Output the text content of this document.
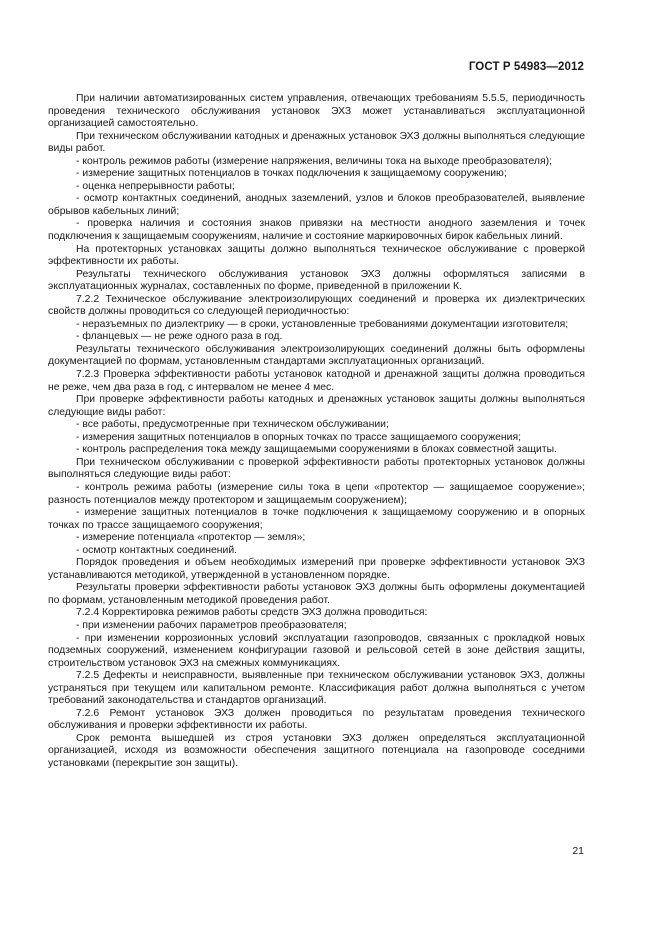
ГОСТ Р 54983—2012

При наличии автоматизированных систем управления, отвечающих требованиям 5.5.5, периодичность проведения технического обслуживания установок ЭХЗ может устанавливаться эксплуатационной организацией самостоятельно.

При техническом обслуживании катодных и дренажных установок ЭХЗ должны выполняться следующие виды работ.

- контроль режимов работы (измерение напряжения, величины тока на выходе преобразователя);

- измерение защитных потенциалов в точках подключения к защищаемому сооружению;

- оценка непрерывности работы;

- осмотр контактных соединений, анодных заземлений, узлов и блоков преобразователей, выявление обрывов кабельных линий;

- проверка наличия и состояния знаков привязки на местности анодного заземления и точек подключения к защищаемым сооружениям, наличие и состояние маркировочных бирок кабельных линий.

На протекторных установках защиты должно выполняться техническое обслуживание с проверкой эффективности их работы.

Результаты технического обслуживания установок ЭХЗ должны оформляться записями в эксплуатационных журналах, составленных по форме, приведенной в приложении К.

7.2.2 Техническое обслуживание электроизолирующих соединений и проверка их диэлектрических свойств должны проводиться со следующей периодичностью:

- неразъемных по диэлектрику — в сроки, установленные требованиями документации изготовителя;

- фланцевых — не реже одного раза в год.

Результаты технического обслуживания электроизолирующих соединений должны быть оформлены документацией по формам, установленным стандартами эксплуатационных организаций.

7.2.3 Проверка эффективности работы установок катодной и дренажной защиты должна проводиться не реже, чем два раза в год, с интервалом не менее 4 мес.

При проверке эффективности работы катодных и дренажных установок защиты должны выполняться следующие виды работ:

- все работы, предусмотренные при техническом обслуживании;

- измерения защитных потенциалов в опорных точках по трассе защищаемого сооружения;

- контроль распределения тока между защищаемыми сооружениями в блоках совместной защиты.

При техническом обслуживании с проверкой эффективности работы протекторных установок должны выполняться следующие виды работ:

- контроль режима работы (измерение силы тока в цепи «протектор — защищаемое сооружение»; разность потенциалов между протектором и защищаемым сооружением);

- измерение защитных потенциалов в точке подключения к защищаемому сооружению и в опорных точках по трассе защищаемого сооружения;

- измерение потенциала «протектор — земля»;

- осмотр контактных соединений.

Порядок проведения и объем необходимых измерений при проверке эффективности установок ЭХЗ устанавливаются методикой, утвержденной в установленном порядке.

Результаты проверки эффективности работы установок ЭХЗ должны быть оформлены документацией по формам, установленным методикой проведения работ.

7.2.4 Корректировка режимов работы средств ЭХЗ должна проводиться:

- при изменении рабочих параметров преобразователя;

- при изменении коррозионных условий эксплуатации газопроводов, связанных с прокладкой новых подземных сооружений, изменением конфигурации газовой и рельсовой сетей в зоне действия защиты, строительством установок ЭХЗ на смежных коммуникациях.

7.2.5 Дефекты и неисправности, выявленные при техническом обслуживании установок ЭХЗ, должны устраняться при текущем или капитальном ремонте. Классификация работ должна выполняться с учетом требований законодательства и стандартов организаций.

7.2.6 Ремонт установок ЭХЗ должен проводиться по результатам проведения технического обслуживания и проверки эффективности их работы.

Срок ремонта вышедшей из строя установки ЭХЗ должен определяться эксплуатационной организацией, исходя из возможности обеспечения защитного потенциала на газопроводе соседними установками (перекрытие зон защиты).

21
